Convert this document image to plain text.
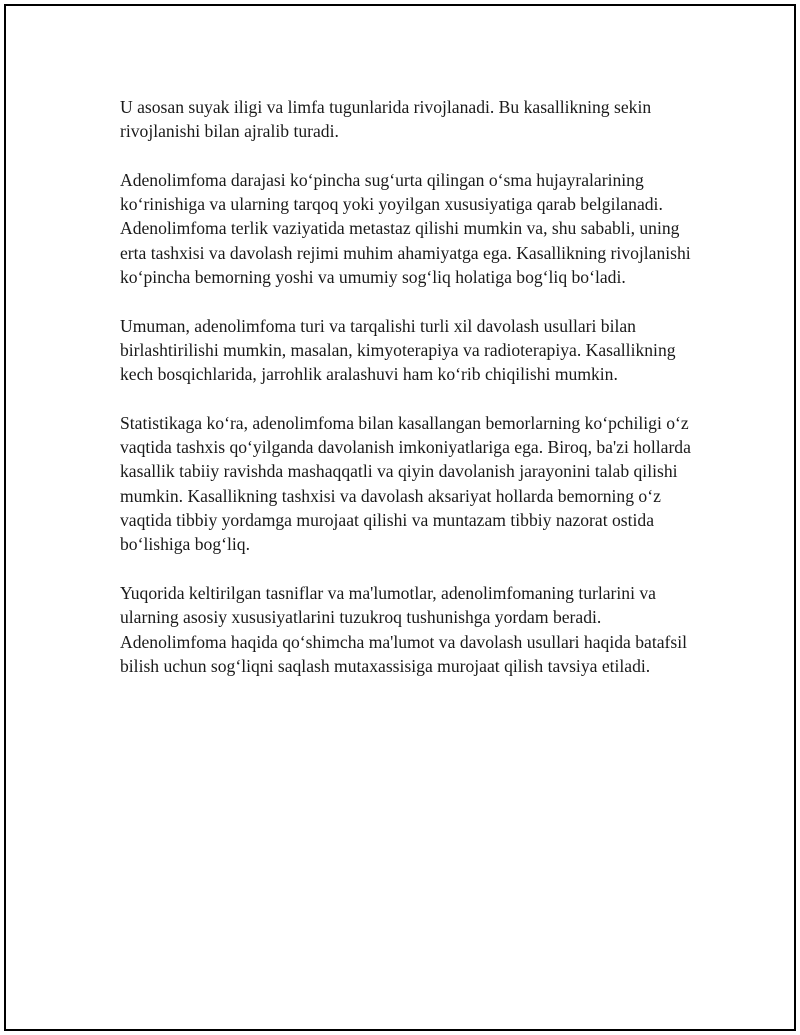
U asosan suyak iligi va limfa tugunlarida rivojlanadi. Bu kasallikning sekin rivojlanishi bilan ajralib turadi.

Adenolimfoma darajasi ko‘pincha sug‘urta qilingan o‘sma hujayralarining ko‘rinishiga va ularning tarqoq yoki yoyilgan xususiyatiga qarab belgilanadi. Adenolimfoma terlik vaziyatida metastaz qilishi mumkin va, shu sababli, uning erta tashxisi va davolash rejimi muhim ahamiyatga ega. Kasallikning rivojlanishi ko‘pincha bemorning yoshi va umumiy sog‘liq holatiga bog‘liq bo‘ladi.

Umuman, adenolimfoma turi va tarqalishi turli xil davolash usullari bilan birlashtirilishi mumkin, masalan, kimyoterapiya va radioterapiya. Kasallikning kech bosqichlarida, jarrohlik aralashuvi ham ko‘rib chiqilishi mumkin.

Statistikaga ko‘ra, adenolimfoma bilan kasallangan bemorlarning ko‘pchiligi o‘z vaqtida tashxis qo‘yilganda davolanish imkoniyatlariga ega. Biroq, ba'zi hollarda kasallik tabiiy ravishda mashaqqatli va qiyin davolanish jarayonini talab qilishi mumkin. Kasallikning tashxisi va davolash aksariyat hollarda bemorning o‘z vaqtida tibbiy yordamga murojaat qilishi va muntazam tibbiy nazorat ostida bo‘lishiga bog‘liq.

Yuqorida keltirilgan tasniflar va ma'lumotlar, adenolimfomaning turlarini va ularning asosiy xususiyatlarini tuzukroq tushunishga yordam beradi. Adenolimfoma haqida qo‘shimcha ma'lumot va davolash usullari haqida batafsil bilish uchun sog‘liqni saqlash mutaxassisiga murojaat qilish tavsiya etiladi.
